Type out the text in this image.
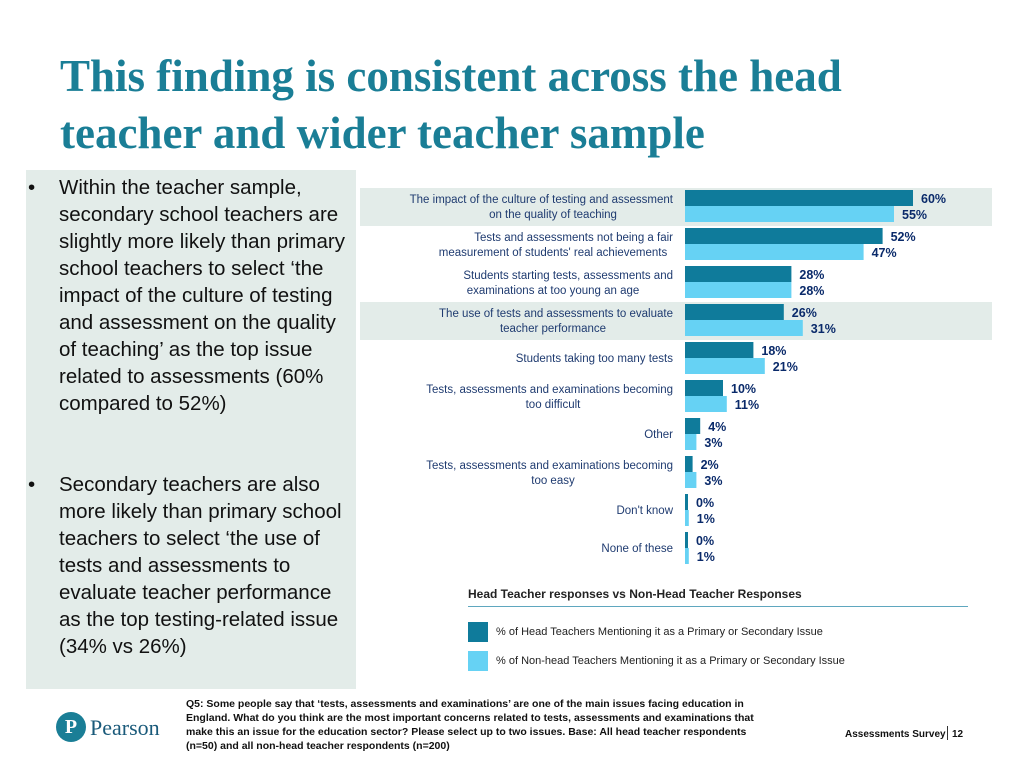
This finding is consistent across the head teacher and wider teacher sample
• Within the teacher sample, secondary school teachers are slightly more likely than primary school teachers to select ‘the impact of the culture of testing and assessment on the quality of teaching’ as the top issue related to assessments (60% compared to 52%)
• Secondary teachers are also more likely than primary school teachers to select ‘the use of tests and assessments to evaluate teacher performance as the top testing-related issue (34% vs 26%)
The impact of the culture of testing and assessment on the quality of teaching
60%
55%
Tests and assessments not being a fair measurement of students' real achievements
52%
47%
Students starting tests, assessments and examinations at too young an age
28%
28%
The use of tests and assessments to evaluate teacher performance
26%
31%
Students taking too many tests
18%
21%
Tests, assessments and examinations becoming too difficult
10%
11%
Other
4%
3%
Tests, assessments and examinations becoming too easy
2%
3%
Don't know
0%
1%
None of these
0%
1%
Head Teacher responses vs Non-Head Teacher Responses
% of Head Teachers Mentioning it as a Primary or Secondary Issue
% of Non-head Teachers Mentioning it as a Primary or Secondary Issue
Q5: Some people say that ‘tests, assessments and examinations’ are one of the main issues facing education in England. What do you think are the most important concerns related to tests, assessments and examinations that make this an issue for the education sector? Please select up to two issues. Base: All head teacher respondents (n=50) and all non-head teacher respondents (n=200)
P Pearson	Assessments Survey 12
